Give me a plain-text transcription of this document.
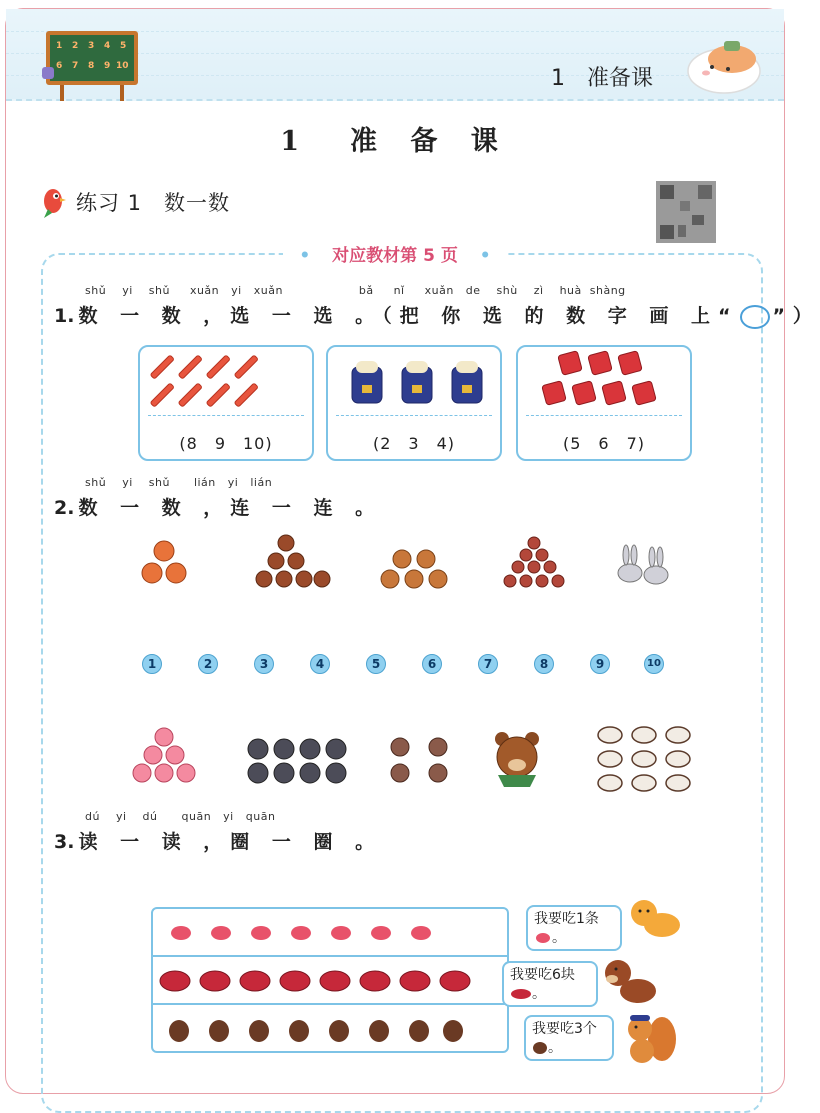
1 2 3 4 5
6 7 8 9 10	1　准备课
1　准 备 课
练习 1　数一数
• 对应教材第 5 页 •
shǔ yi shǔ xuǎn yi xuǎn	bǎ nǐ xuǎn de shù zì huà shàng
1. 数 一 数 ，选 一 选 。（把 你 选 的 数 字 画 上“ ”）
(8　9　10)	(2　3　4)	(5　6　7)
shǔ yi shǔ lián yi lián
2. 数 一 数 ，连 一 连 。
1	2	3	4	5	6	7	8	9	10
dú yi dú quān yi quān
3. 读 一 读 ，圈 一 圈 。
我要吃1条
。
我要吃6块
。
我要吃3个
。
